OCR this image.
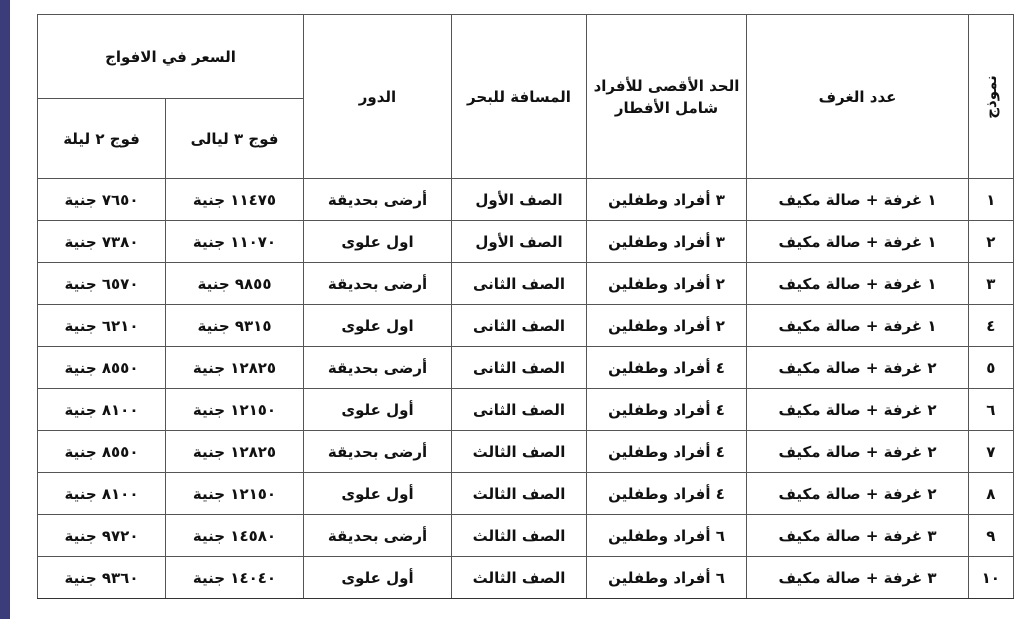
نموذج	عدد الغرف	الحد الأقصى للأفراد شامل الأفطار	المسافة للبحر	الدور	السعر في الافواج	
					فوج ٣ ليالى	فوج ٢ ليلة
١	١ غرفة + صالة مكيف	٣ أفراد وطفلين	الصف الأول	أرضى بحديقة	١١٤٧٥ جنية	٧٦٥٠ جنية
٢	١ غرفة + صالة مكيف	٣ أفراد وطفلين	الصف الأول	اول علوى	١١٠٧٠ جنية	٧٣٨٠ جنية
٣	١ غرفة + صالة مكيف	٢ أفراد وطفلين	الصف الثانى	أرضى بحديقة	٩٨٥٥ جنية	٦٥٧٠ جنية
٤	١ غرفة + صالة مكيف	٢ أفراد وطفلين	الصف الثانى	اول علوى	٩٣١٥ جنية	٦٢١٠ جنية
٥	٢ غرفة + صالة مكيف	٤ أفراد وطفلين	الصف الثانى	أرضى بحديقة	١٢٨٢٥ جنية	٨٥٥٠ جنية
٦	٢ غرفة + صالة مكيف	٤ أفراد وطفلين	الصف الثانى	أول علوى	١٢١٥٠ جنية	٨١٠٠ جنية
٧	٢ غرفة + صالة مكيف	٤ أفراد وطفلين	الصف الثالث	أرضى بحديقة	١٢٨٢٥ جنية	٨٥٥٠ جنية
٨	٢ غرفة + صالة مكيف	٤ أفراد وطفلين	الصف الثالث	أول علوى	١٢١٥٠ جنية	٨١٠٠ جنية
٩	٣ غرفة + صالة مكيف	٦ أفراد وطفلين	الصف الثالث	أرضى بحديقة	١٤٥٨٠ جنية	٩٧٢٠ جنية
١٠	٣ غرفة + صالة مكيف	٦ أفراد وطفلين	الصف الثالث	أول علوى	١٤٠٤٠ جنية	٩٣٦٠ جنية
